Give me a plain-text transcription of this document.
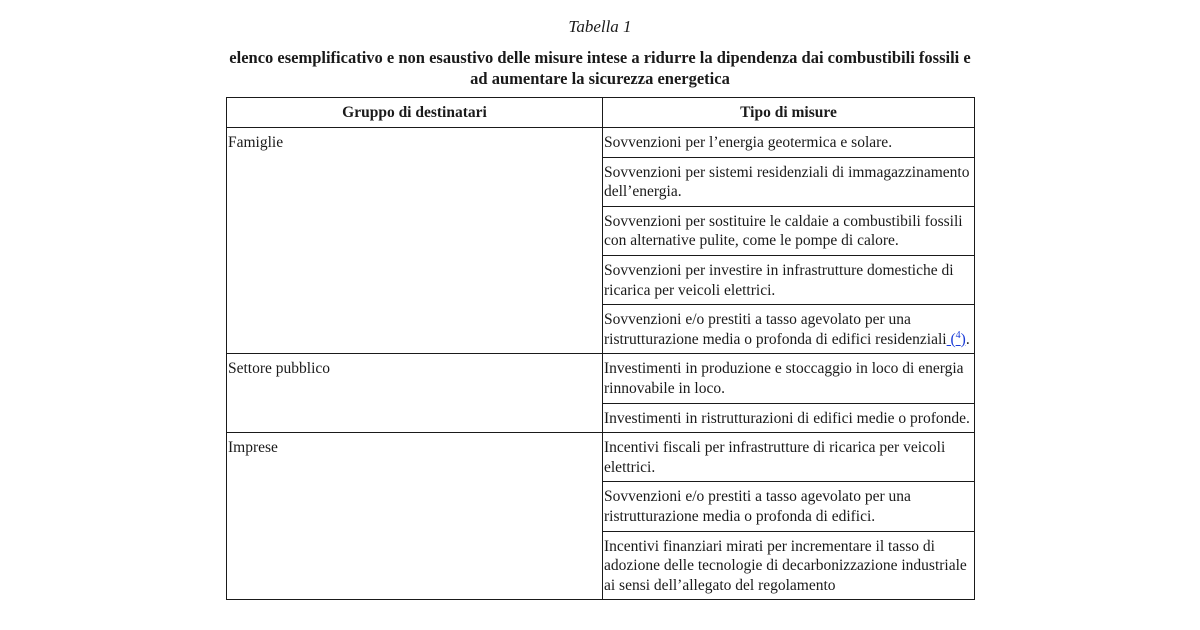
Tabella 1
elenco esemplificativo e non esaustivo delle misure intese a ridurre la dipendenza dai combustibili fossili e ad aumentare la sicurezza energetica
Gruppo di destinatari	Tipo di misure
Famiglie	Sovvenzioni per l’energia geotermica e solare.
	Sovvenzioni per sistemi residenziali di immagazzinamento dell’energia.
	Sovvenzioni per sostituire le caldaie a combustibili fossili con alternative pulite, come le pompe di calore.
	Sovvenzioni per investire in infrastrutture domestiche di ricarica per veicoli elettrici.
	Sovvenzioni e/o prestiti a tasso agevolato per una ristrutturazione media o profonda di edifici residenziali ($^4$).
Settore pubblico	Investimenti in produzione e stoccaggio in loco di energia rinnovabile in loco.
	Investimenti in ristrutturazioni di edifici medie o profonde.
Imprese	Incentivi fiscali per infrastrutture di ricarica per veicoli elettrici.
	Sovvenzioni e/o prestiti a tasso agevolato per una ristrutturazione media o profonda di edifici.
	Incentivi finanziari mirati per incrementare il tasso di adozione delle tecnologie di decarbonizzazione industriale ai sensi dell’allegato del regolamento
